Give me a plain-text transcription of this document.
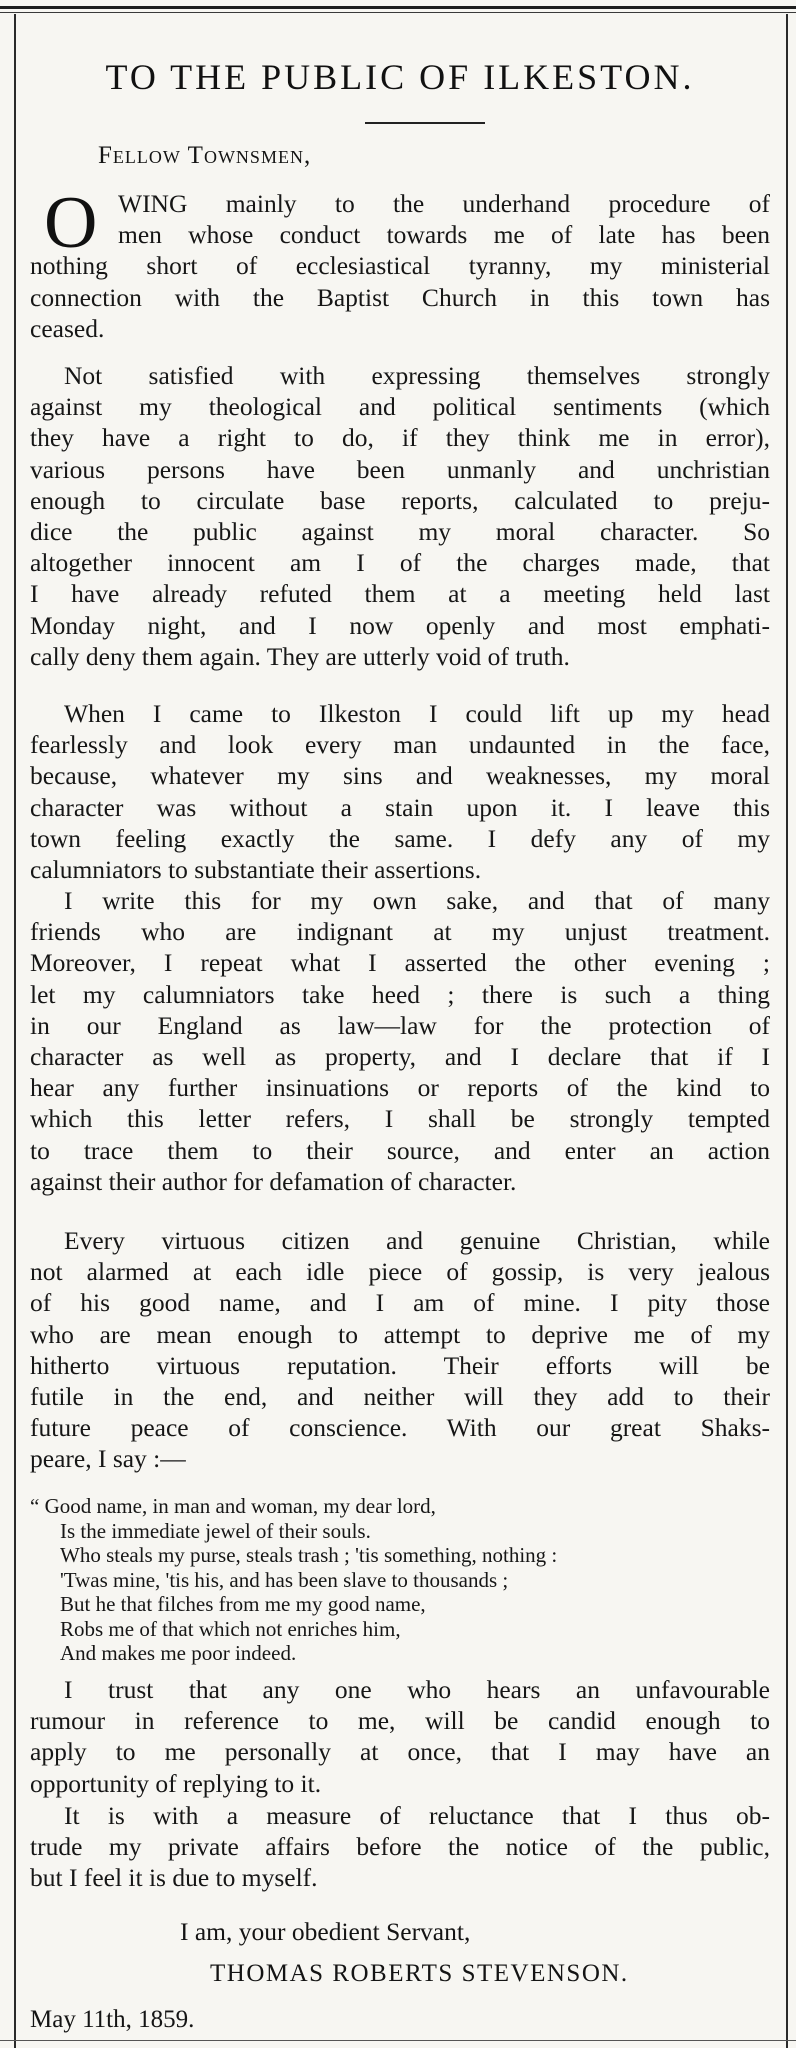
TO THE PUBLIC OF ILKESTON.
Fellow Townsmen,
O WING mainly to the underhand procedure of
men whose conduct towards me of late has been
nothing short of ecclesiastical tyranny, my ministerial
connection with the Baptist Church in this town has
ceased.
Not satisfied with expressing themselves strongly
against my theological and political sentiments (which
they have a right to do, if they think me in error),
various persons have been unmanly and unchristian
enough to circulate base reports, calculated to preju-
dice the public against my moral character. So
altogether innocent am I of the charges made, that
I have already refuted them at a meeting held last
Monday night, and I now openly and most emphati-
cally deny them again. They are utterly void of truth.
When I came to Ilkeston I could lift up my head
fearlessly and look every man undaunted in the face,
because, whatever my sins and weaknesses, my moral
character was without a stain upon it. I leave this
town feeling exactly the same. I defy any of my
calumniators to substantiate their assertions.
I write this for my own sake, and that of many
friends who are indignant at my unjust treatment.
Moreover, I repeat what I asserted the other evening ;
let my calumniators take heed ; there is such a thing
in our England as law—law for the protection of
character as well as property, and I declare that if I
hear any further insinuations or reports of the kind to
which this letter refers, I shall be strongly tempted
to trace them to their source, and enter an action
against their author for defamation of character.
Every virtuous citizen and genuine Christian, while
not alarmed at each idle piece of gossip, is very jealous
of his good name, and I am of mine. I pity those
who are mean enough to attempt to deprive me of my
hitherto virtuous reputation. Their efforts will be
futile in the end, and neither will they add to their
future peace of conscience. With our great Shaks-
peare, I say :—
“ Good name, in man and woman, my dear lord,
Is the immediate jewel of their souls.
Who steals my purse, steals trash ; 'tis something, nothing :
'Twas mine, 'tis his, and has been slave to thousands ;
But he that filches from me my good name,
Robs me of that which not enriches him,
And makes me poor indeed.
I trust that any one who hears an unfavourable
rumour in reference to me, will be candid enough to
apply to me personally at once, that I may have an
opportunity of replying to it.
It is with a measure of reluctance that I thus ob-
trude my private affairs before the notice of the public,
but I feel it is due to myself.
I am, your obedient Servant,
THOMAS ROBERTS STEVENSON.
May 11th, 1859.
